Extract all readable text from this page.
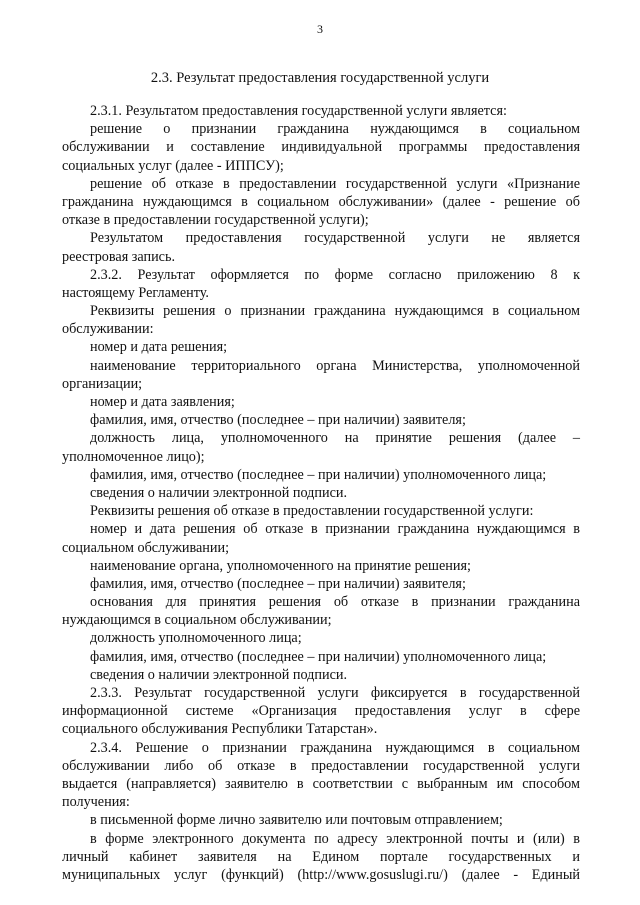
3
2.3. Результат предоставления государственной услуги
2.3.1. Результатом предоставления государственной услуги является:
решение о признании гражданина нуждающимся в социальном
обслуживании и составление индивидуальной программы предоставления
социальных услуг (далее - ИППСУ);
решение об отказе в предоставлении государственной услуги «Признание
гражданина нуждающимся в социальном обслуживании» (далее - решение об
отказе в предоставлении государственной услуги);
Результатом предоставления государственной услуги не является
реестровая запись.
2.3.2. Результат оформляется по форме согласно приложению 8 к
настоящему Регламенту.
Реквизиты решения о признании гражданина нуждающимся в социальном
обслуживании:
номер и дата решения;
наименование территориального органа Министерства, уполномоченной
организации;
номер и дата заявления;
фамилия, имя, отчество (последнее – при наличии) заявителя;
должность лица, уполномоченного на принятие решения (далее –
уполномоченное лицо);
фамилия, имя, отчество (последнее – при наличии) уполномоченного лица;
сведения о наличии электронной подписи.
Реквизиты решения об отказе в предоставлении государственной услуги:
номер и дата решения об отказе в признании гражданина нуждающимся в
социальном обслуживании;
наименование органа, уполномоченного на принятие решения;
фамилия, имя, отчество (последнее – при наличии) заявителя;
основания для принятия решения об отказе в признании гражданина
нуждающимся в социальном обслуживании;
должность уполномоченного лица;
фамилия, имя, отчество (последнее – при наличии) уполномоченного лица;
сведения о наличии электронной подписи.
2.3.3. Результат государственной услуги фиксируется в государственной
информационной системе «Организация предоставления услуг в сфере
социального обслуживания Республики Татарстан».
2.3.4. Решение о признании гражданина нуждающимся в социальном
обслуживании либо об отказе в предоставлении государственной услуги
выдается (направляется) заявителю в соответствии с выбранным им способом
получения:
в письменной форме лично заявителю или почтовым отправлением;
в форме электронного документа по адресу электронной почты и (или) в
личный кабинет заявителя на Едином портале государственных и
муниципальных услуг (функций) (http://www.gosuslugi.ru/) (далее - Единый
